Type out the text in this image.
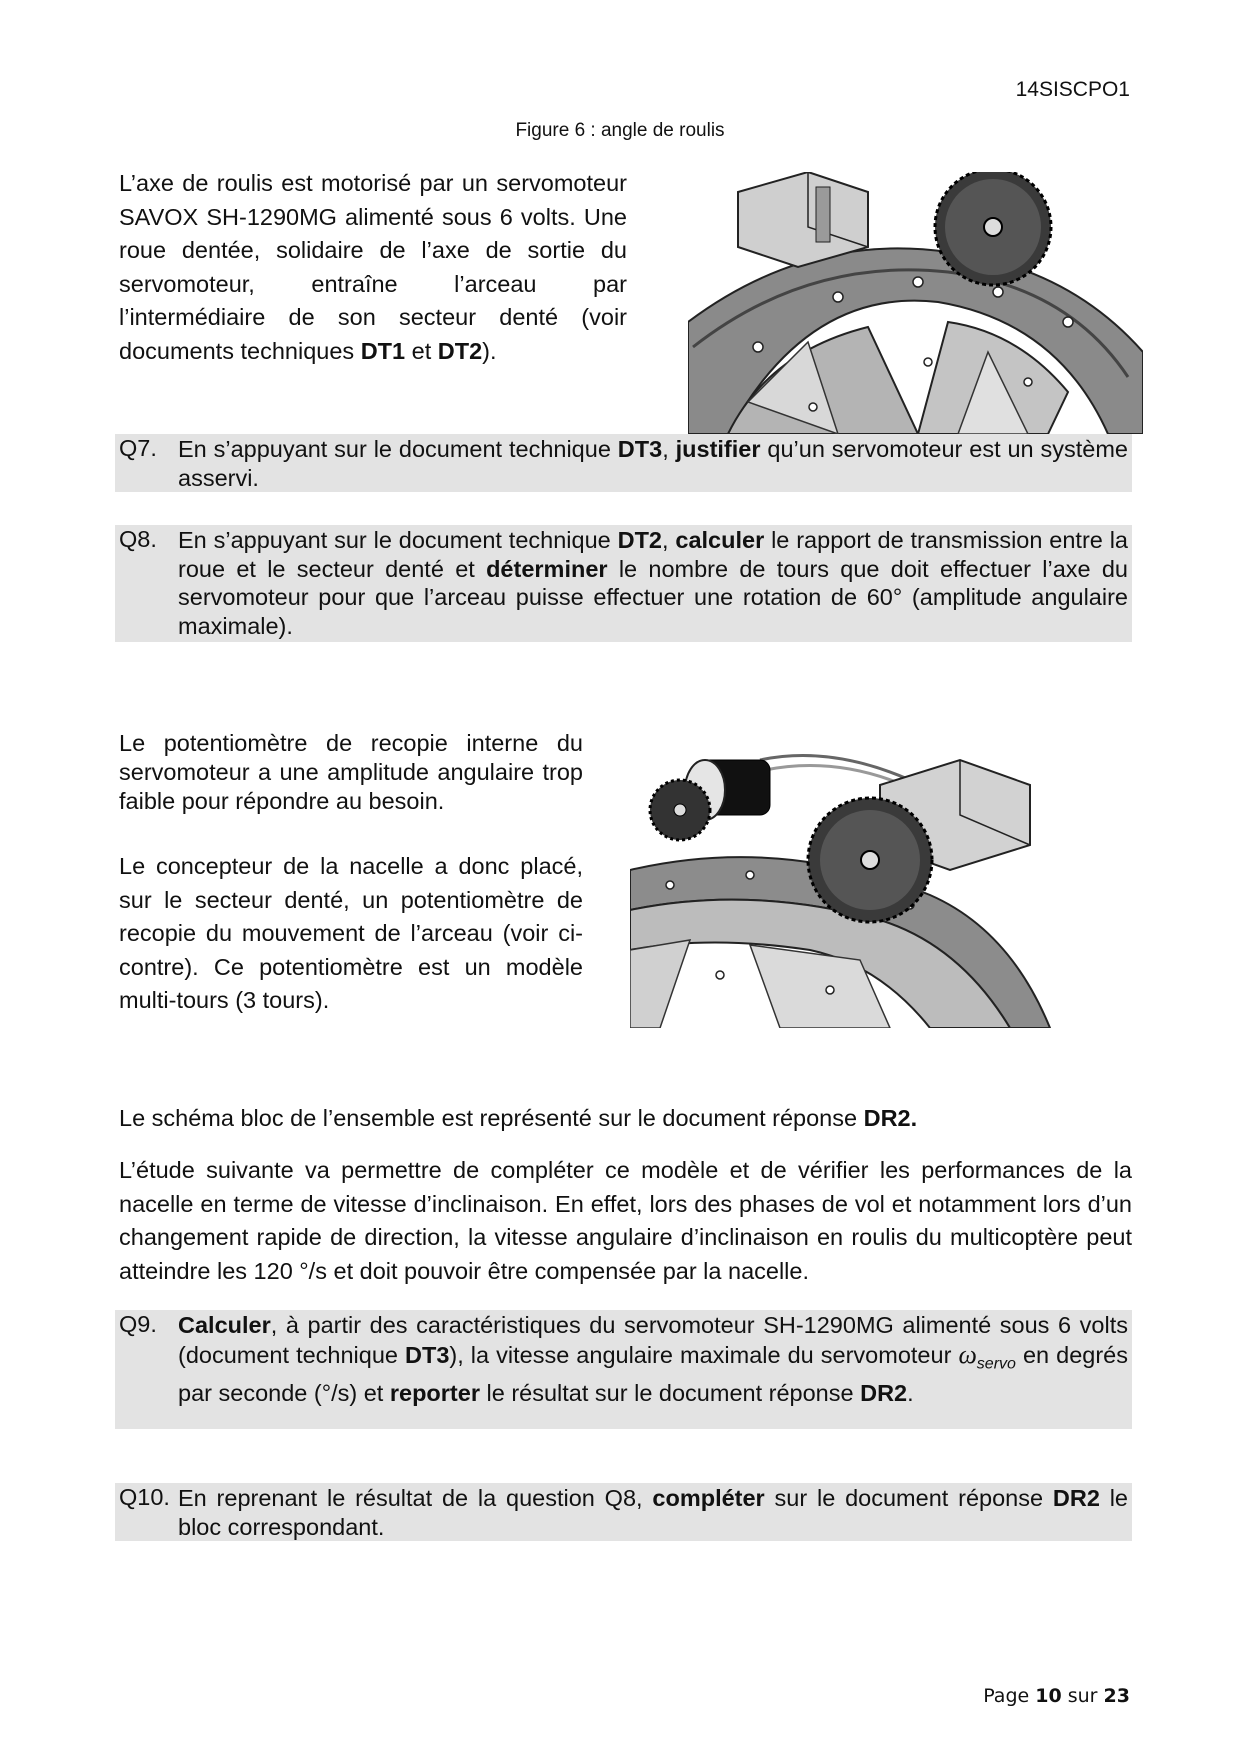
14SISCPO1
Figure 6 : angle de roulis

L’axe de roulis est motorisé par un servomoteur SAVOX SH-1290MG alimenté sous 6 volts. Une roue dentée, solidaire de l’axe de sortie du servomoteur, entraîne l’arceau par l’intermédiaire de son secteur denté (voir documents techniques DT1 et DT2).

Q7. En s’appuyant sur le document technique DT3, justifier qu’un servomoteur est un système asservi.
Q8. En s’appuyant sur le document technique DT2, calculer le rapport de transmission entre la roue et le secteur denté et déterminer le nombre de tours que doit effectuer l’axe du servomoteur pour que l’arceau puisse effectuer une rotation de 60° (amplitude angulaire maximale).

Le potentiomètre de recopie interne du servomoteur a une amplitude angulaire trop faible pour répondre au besoin.

Le concepteur de la nacelle a donc placé, sur le secteur denté, un potentiomètre de recopie du mouvement de l’arceau (voir ci-contre). Ce potentiomètre est un modèle multi-tours (3 tours).

Le schéma bloc de l’ensemble est représenté sur le document réponse DR2.

L’étude suivante va permettre de compléter ce modèle et de vérifier les performances de la nacelle en terme de vitesse d’inclinaison. En effet, lors des phases de vol et notamment lors d’un changement rapide de direction, la vitesse angulaire d’inclinaison en roulis du multicoptère peut atteindre les 120 °/s et doit pouvoir être compensée par la nacelle.

Q9. Calculer, à partir des caractéristiques du servomoteur SH-1290MG alimenté sous 6 volts (document technique DT3), la vitesse angulaire maximale du servomoteur $\omega_{servo}$ en degrés par seconde (°/s) et reporter le résultat sur le document réponse DR2.
Q10. En reprenant le résultat de la question Q8, compléter sur le document réponse DR2 le bloc correspondant.
Page 10 sur 23
